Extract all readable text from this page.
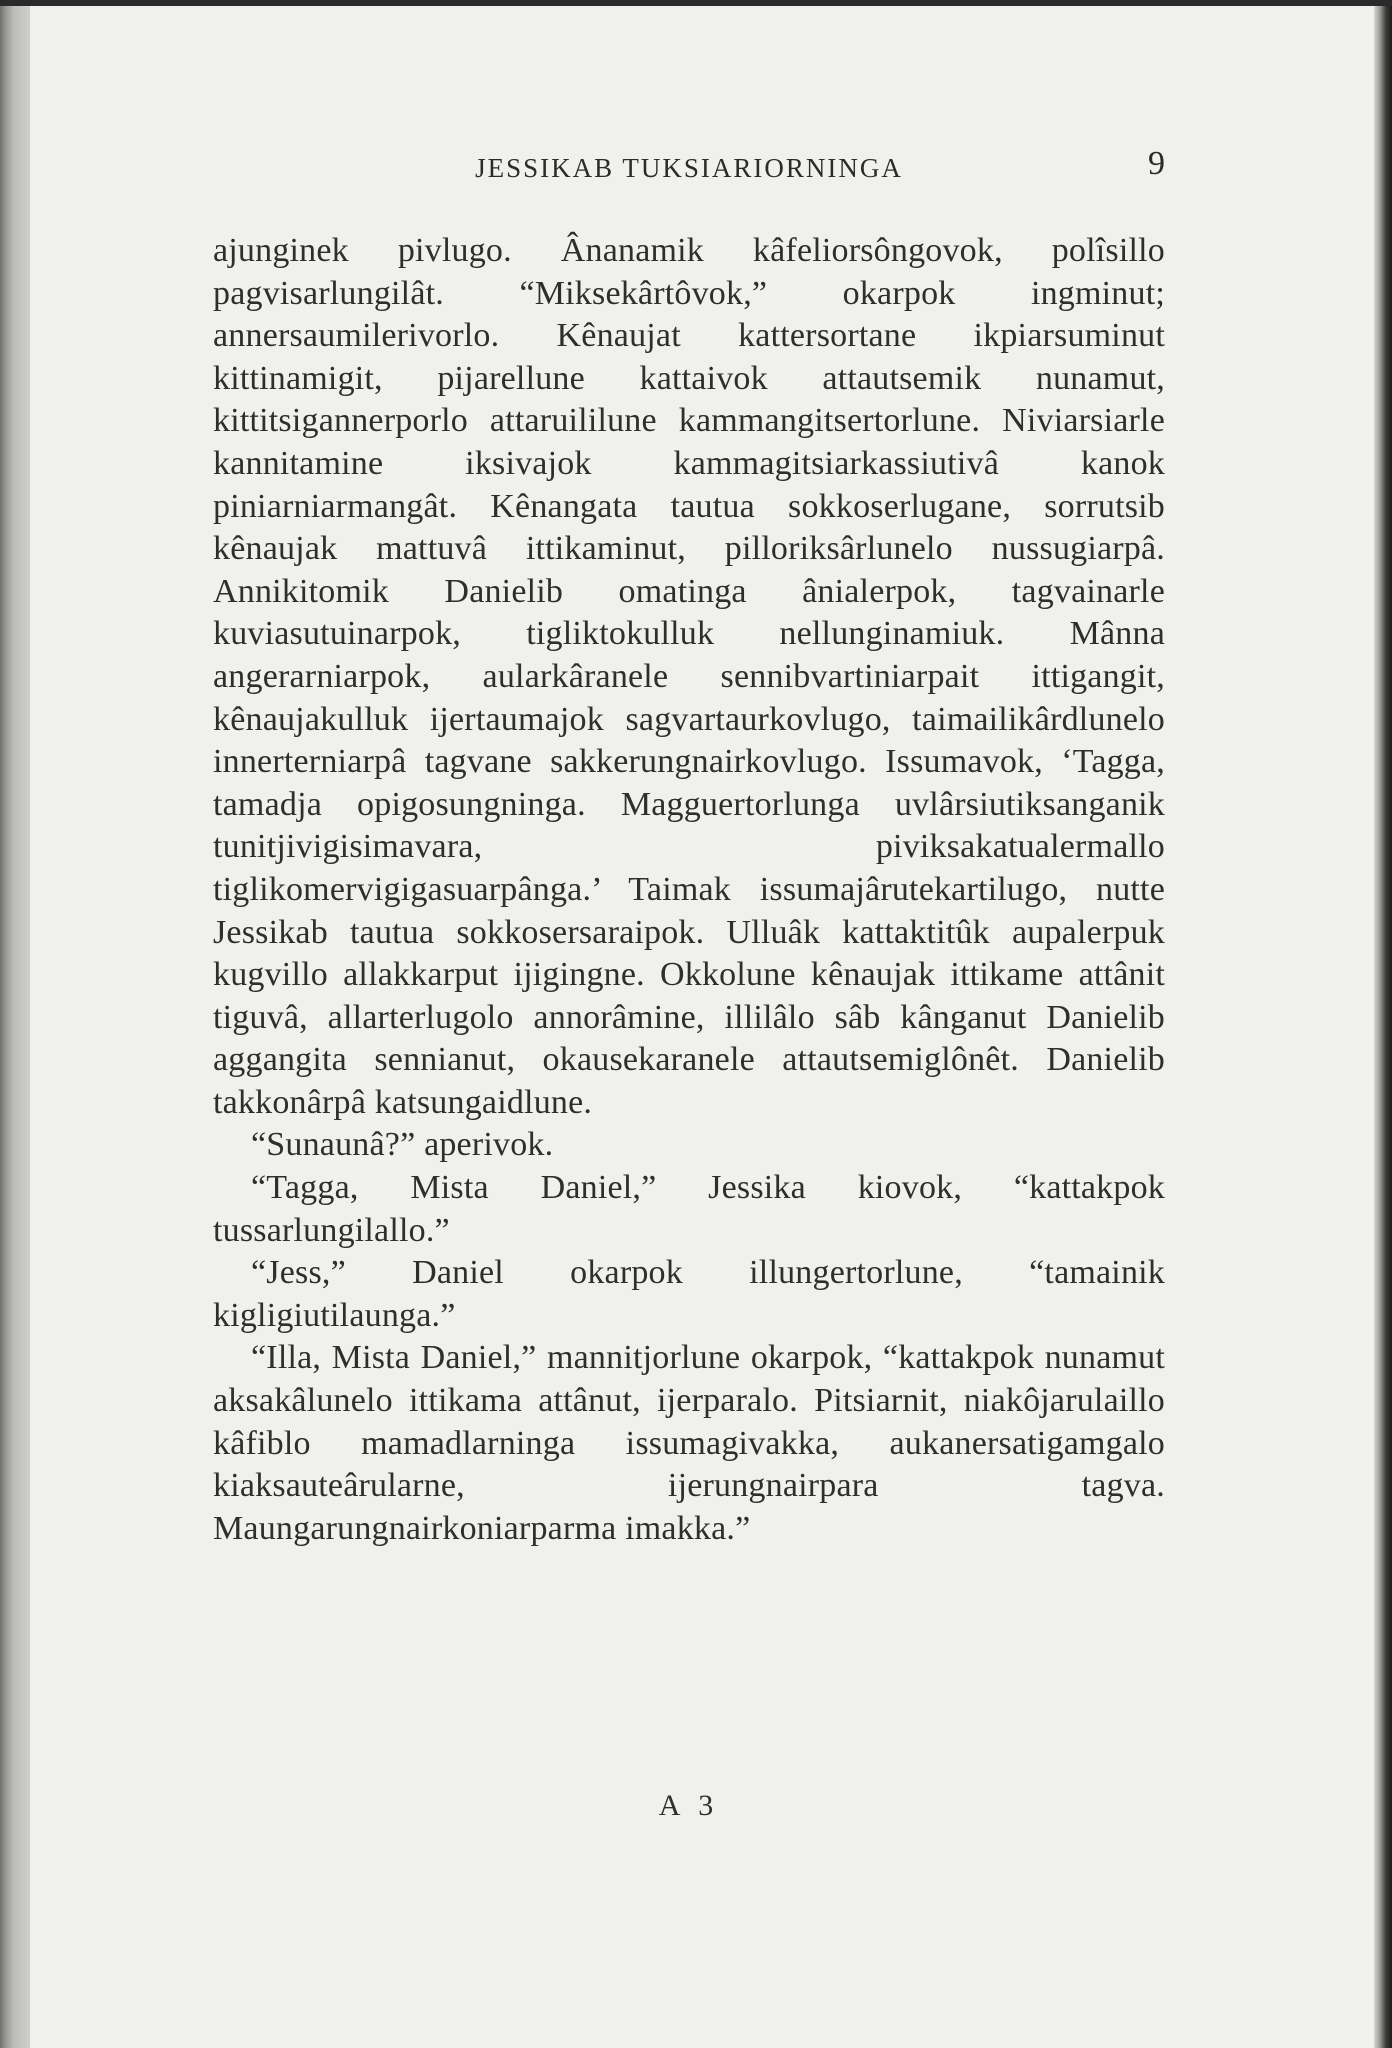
JESSIKAB TUKSIARIORNINGA	9

ajunginek pivlugo. Ânanamik kâfeliorsôngovok, polîsillo pagvisarlungilât. “Miksekârtôvok,” okarpok ingminut; annersaumilerivorlo. Kênaujat kattersortane ikpiarsuminut kittinamigit, pijarellune kattaivok attautsemik nunamut, kittitsigannerporlo attaruililune kammangitsertorlune. Niviarsiarle kannitamine iksivajok kammagitsiarkassiutivâ kanok piniarniarmangât. Kênangata tautua sokkoserlugane, sorrutsib kênaujak mattuvâ ittikaminut, pilloriksârlunelo nussugiarpâ. Annikitomik Danielib omatinga ânialerpok, tagvainarle kuviasutuinarpok, tigliktokulluk nellunginamiuk. Mânna angerarniarpok, aularkâranele sennibvartiniarpait ittigangit, kênaujakulluk ijertaumajok sagvartaurkovlugo, taimailikârdlunelo innerterniarpâ tagvane sakkerungnairkovlugo. Issumavok, ‘Tagga, tamadja opigosungninga. Magguertorlunga uvlârsiutiksanganik tunitjivigisimavara, piviksakatualermallo tiglikomervigigasuarpânga.’ Taimak issumajârutekartilugo, nutte Jessikab tautua sokkosersaraipok. Ulluâk kattaktitûk aupalerpuk kugvillo allakkarput ijigingne. Okkolune kênaujak ittikame attânit tiguvâ, allarterlugolo annorâmine, illilâlo sâb kânganut Danielib aggangita sennianut, okausekaranele attautsemiglônêt. Danielib takkonârpâ katsungaidlune.

“Sunaunâ?” aperivok.

“Tagga, Mista Daniel,” Jessika kiovok, “kattakpok tussarlungilallo.”

“Jess,” Daniel okarpok illungertorlune, “tamainik kigligiutilaunga.”

“Illa, Mista Daniel,” mannitjorlune okarpok, “kattakpok nunamut aksakâlunelo ittikama attânut, ijerparalo. Pitsiarnit, niakôjarulaillo kâfiblo mamadlarninga issumagivakka, aukanersatigamgalo kiaksauteârularne, ijerungnairpara tagva. Maungarungnairkoniarparma imakka.”

A 3
